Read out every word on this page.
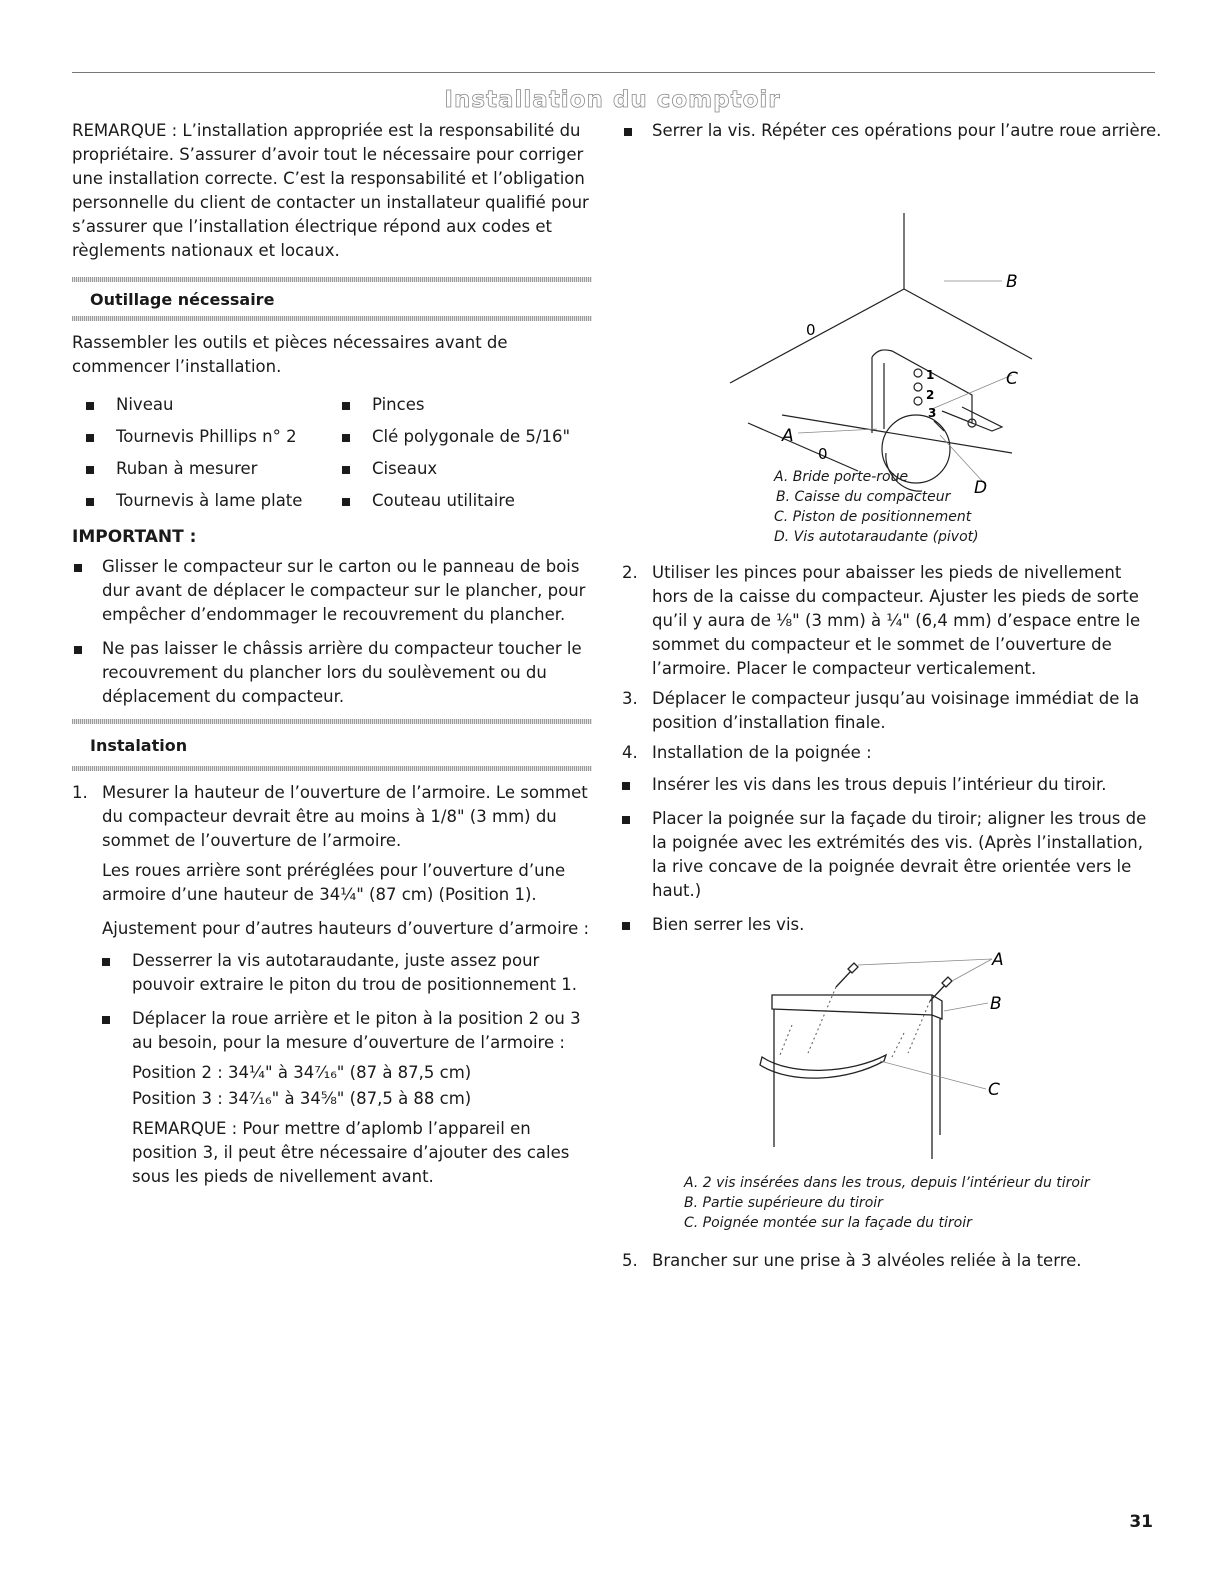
Installation du comptoir

REMARQUE : L’installation appropriée est la responsabilité du propriétaire. S’assurer d’avoir tout le nécessaire pour corriger une installation correcte. C’est la responsabilité et l’obligation personnelle du client de contacter un installateur qualifié pour s’assurer que l’installation électrique répond aux codes et règlements nationaux et locaux.

Outillage nécessaire

Rassembler les outils et pièces nécessaires avant de commencer l’installation.

Niveau	Pinces
Tournevis Phillips n° 2	Clé polygonale de 5/16"
Ruban à mesurer	Ciseaux
Tournevis à lame plate	Couteau utilitaire
IMPORTANT :
Glisser le compacteur sur le carton ou le panneau de bois dur avant de déplacer le compacteur sur le plancher, pour empêcher d’endommager le recouvrement du plancher.
Ne pas laisser le châssis arrière du compacteur toucher le recouvrement du plancher lors du soulèvement ou du déplacement du compacteur.
Instalation
1. Mesurer la hauteur de l’ouverture de l’armoire. Le sommet du compacteur devrait être au moins à 1/8" (3 mm) du sommet de l’ouverture de l’armoire.

Les roues arrière sont préréglées pour l’ouverture d’une armoire d’une hauteur de 34¼" (87 cm) (Position 1).

Ajustement pour d’autres hauteurs d’ouverture d’armoire :

Desserrer la vis autotaraudante, juste assez pour pouvoir extraire le piton du trou de positionnement 1.
Déplacer la roue arrière et le piton à la position 2 ou 3 au besoin, pour la mesure d’ouverture de l’armoire :

Position 2 : 34¼" à 34⁷⁄₁₆" (87 à 87,5 cm)

Position 3 : 34⁷⁄₁₆" à 34⅝" (87,5 à 88 cm)

REMARQUE : Pour mettre d’aplomb l’appareil en position 3, il peut être nécessaire d’ajouter des cales sous les pieds de nivellement avant.

Serrer la vis. Répéter ces opérations pour l’autre roue arrière.
B
C
A
D
0
0
1
2
3
A. Bride porte-roue
B. Caisse du compacteur
C. Piston de positionnement
D. Vis autotaraudante (pivot)
2. Utiliser les pinces pour abaisser les pieds de nivellement hors de la caisse du compacteur. Ajuster les pieds de sorte qu’il y aura de ⅛" (3 mm) à ¼" (6,4 mm) d’espace entre le sommet du compacteur et le sommet de l’ouverture de l’armoire. Placer le compacteur verticalement.
3. Déplacer le compacteur jusqu’au voisinage immédiat de la position d’installation finale.
4. Installation de la poignée :
Insérer les vis dans les trous depuis l’intérieur du tiroir.
Placer la poignée sur la façade du tiroir; aligner les trous de la poignée avec les extrémités des vis. (Après l’installation, la rive concave de la poignée devrait être orientée vers le haut.)
Bien serrer les vis.
A
B
C
A. 2 vis insérées dans les trous, depuis l’intérieur du tiroir
B. Partie supérieure du tiroir
C. Poignée montée sur la façade du tiroir
5. Brancher sur une prise à 3 alvéoles reliée à la terre.
31
